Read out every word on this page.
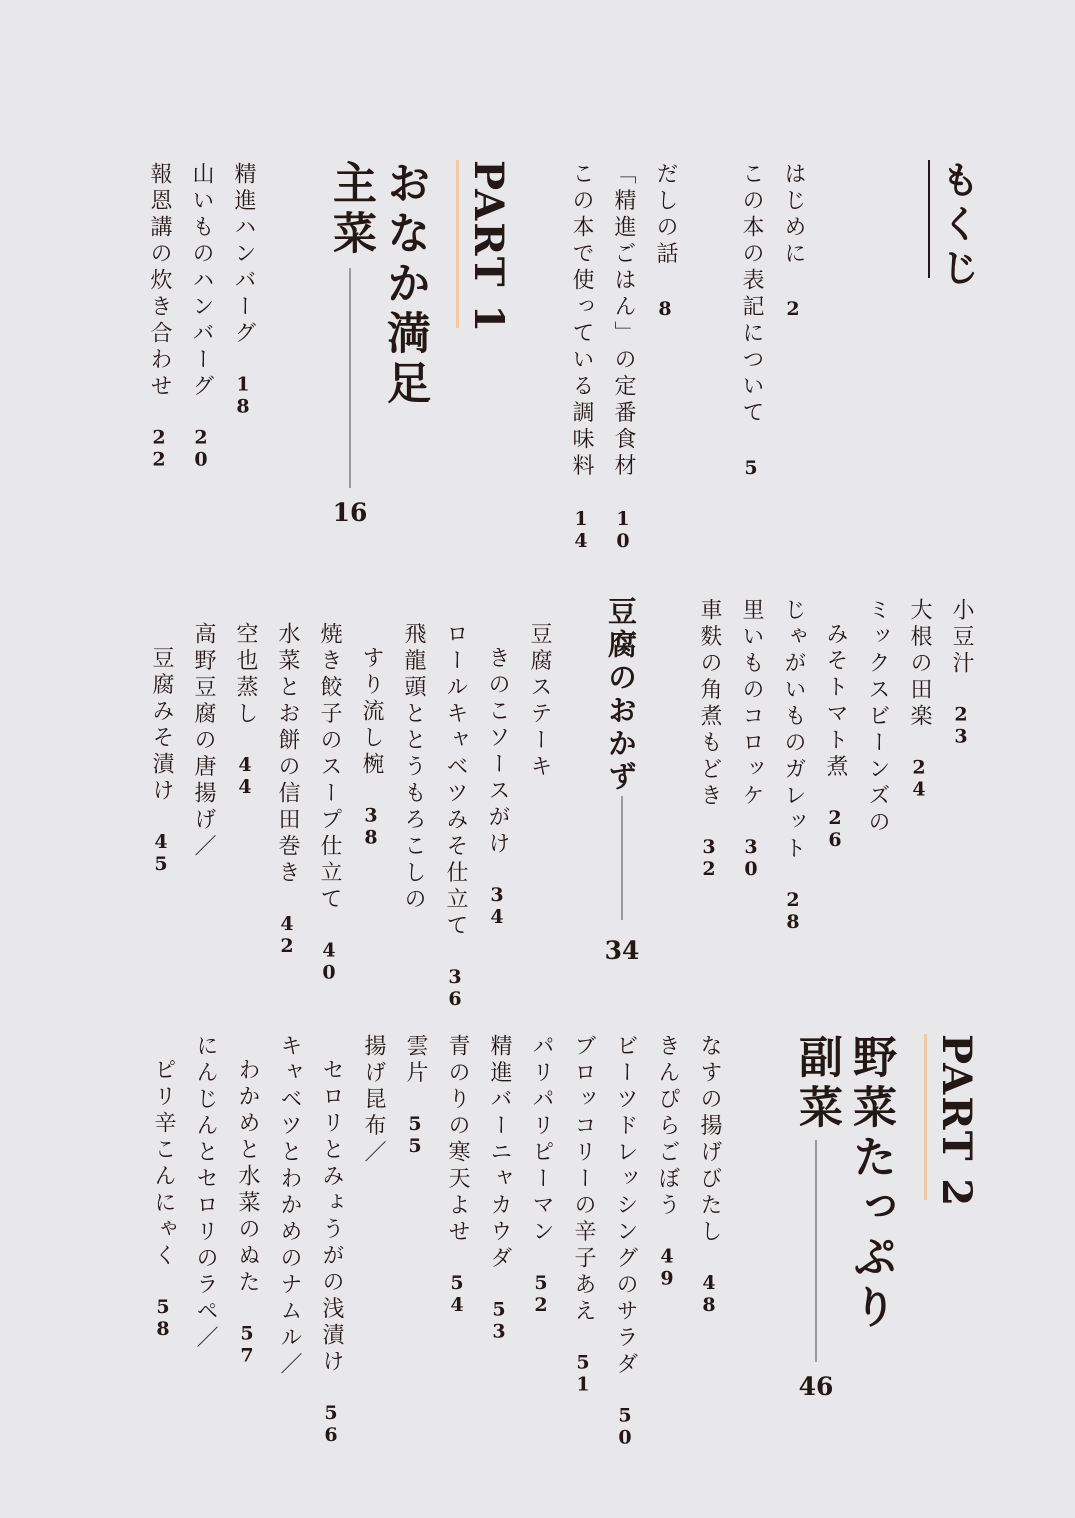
もくじ
はじめに2
この本の表記について5
だしの話8
「精進ごはん」の定番食材10
この本で使っている調味料14
PART 1
おなか満足
主菜
16
精進ハンバーグ18
山いものハンバーグ20
報恩講の炊き合わせ22
小豆汁23
大根の田楽24
ミックスビーンズの
みそトマト煮26
じゃがいものガレット28
里いものコロッケ30
車麩の角煮もどき32
豆腐のおかず
34
豆腐ステーキ
きのこソースがけ34
ロールキャベツみそ仕立て36
飛龍頭ととうもろこしの
すり流し椀38
焼き餃子のスープ仕立て40
水菜とお餅の信田巻き42
空也蒸し44
高野豆腐の唐揚げ／
豆腐みそ漬け45
PART 2
野菜たっぷり
副菜
46
なすの揚げびたし48
きんぴらごぼう49
ビーツドレッシングのサラダ50
ブロッコリーの辛子あえ51
パリパリピーマン52
精進バーニャカウダ53
青のりの寒天よせ54
雲片55
揚げ昆布／
セロリとみょうがの浅漬け56
キャベツとわかめのナムル／
わかめと水菜のぬた57
にんじんとセロリのラペ／
ピリ辛こんにゃく58
